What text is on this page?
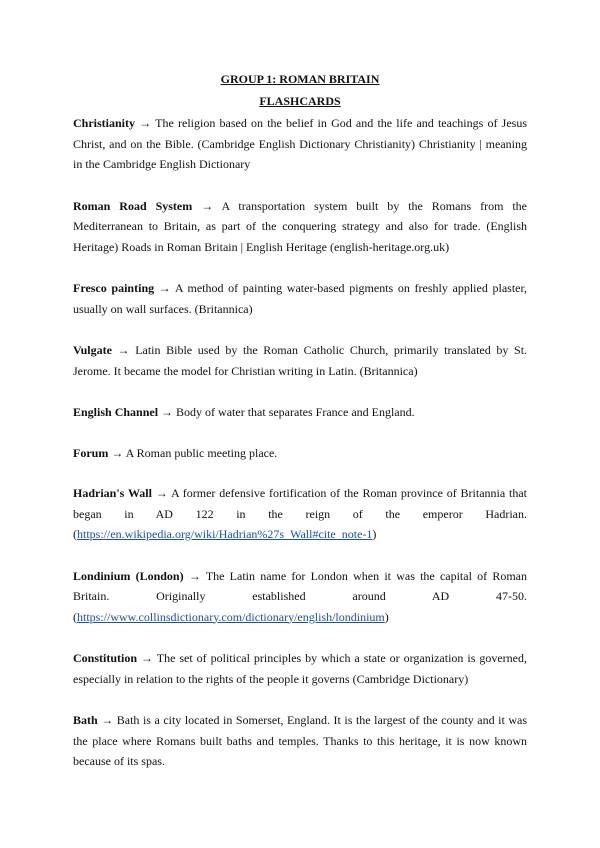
GROUP 1: ROMAN BRITAIN
FLASHCARDS

Christianity → The religion based on the belief in God and the life and teachings of Jesus Christ, and on the Bible. (Cambridge English Dictionary Christianity) Christianity | meaning in the Cambridge English Dictionary

Roman Road System → A transportation system built by the Romans from the Mediterranean to Britain, as part of the conquering strategy and also for trade. (English Heritage) Roads in Roman Britain | English Heritage (english-heritage.org.uk)

Fresco painting → A method of painting water-based pigments on freshly applied plaster, usually on wall surfaces. (Britannica)

Vulgate → Latin Bible used by the Roman Catholic Church, primarily translated by St. Jerome. It became the model for Christian writing in Latin. (Britannica)

English Channel → Body of water that separates France and England.

Forum → A Roman public meeting place.

Hadrian's Wall → A former defensive fortification of the Roman province of Britannia that began in AD 122 in the reign of the emperor Hadrian. (https://en.wikipedia.org/wiki/Hadrian%27s_Wall#cite_note-1)

Londinium (London) → The Latin name for London when it was the capital of Roman Britain. Originally established around AD 47-50. (https://www.collinsdictionary.com/dictionary/english/londinium)

Constitution → The set of political principles by which a state or organization is governed, especially in relation to the rights of the people it governs (Cambridge Dictionary)

Bath → Bath is a city located in Somerset, England. It is the largest of the county and it was the place where Romans built baths and temples. Thanks to this heritage, it is now known because of its spas.
